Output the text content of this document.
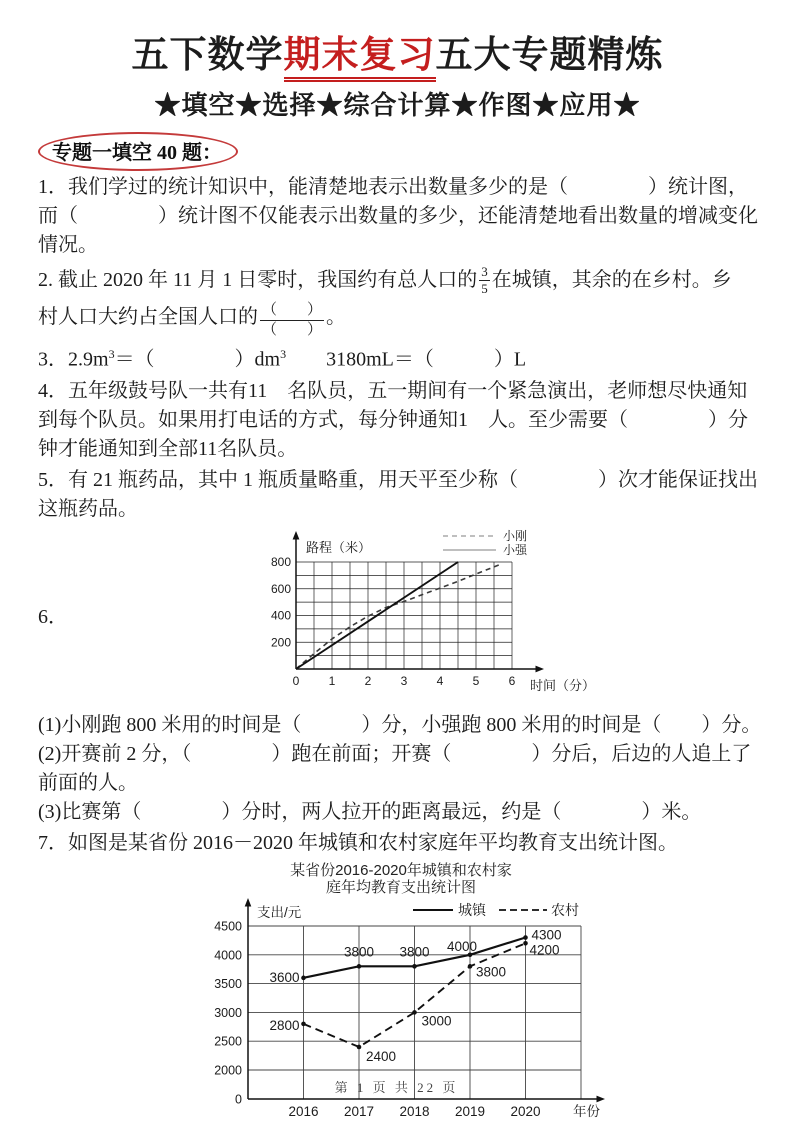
五下数学期末复习五大专题精炼
★填空★选择★综合计算★作图★应用★
专题一填空 40 题：
1．我们学过的统计知识中，能清楚地表示出数量多少的是（　　　　）统计图，
而（　　　　）统计图不仅能表示出数量的多少，还能清楚地看出数量的增减变化
情况。
2. 截止 2020 年 11 月 1 日零时，我国约有总人口的 $\frac{3}{5}$ 在城镇，其余的在乡村。乡
村人口大约占全国人口的 $\frac{( )}{( )}$ 。
3．$2.9m^3=$（　　　　）$dm^3$　　3180mL＝（　　　）L
4．五年级鼓号队一共有11　名队员，五一期间有一个紧急演出，老师想尽快通知
到每个队员。如果用打电话的方式，每分钟通知1　人。至少需要（　　　　）分
钟才能通知到全部11名队员。
5．有 21 瓶药品，其中 1 瓶质量略重，用天平至少称（　　　　）次才能保证找出
这瓶药品。
6．
200
400
600
800
0 1 2 3 4 5 6
路程（米）
时间（分）
小刚
小强
(1)小刚跑 800 米用的时间是（　　　）分，小强跑 800 米用的时间是（　　）分。
(2)开赛前 2 分，（　　　　）跑在前面；开赛（　　　　）分后，后边的人追上了
前面的人。
(3)比赛第（　　　　）分时，两人拉开的距离最远，约是（　　　　）米。
7．如图是某省份 2016－2020 年城镇和农村家庭年平均教育支出统计图。
某省份2016-2020年城镇和农村家
庭年均教育支出统计图
0
2000
2500
3000
3500
4000
4500
2016 2017 2018 2019 2020
支出/元
年份
城镇	农村
3600
3800 3800 4000
4300
2800
2400
3000
3800
4200
第 1 页 共 22 页
